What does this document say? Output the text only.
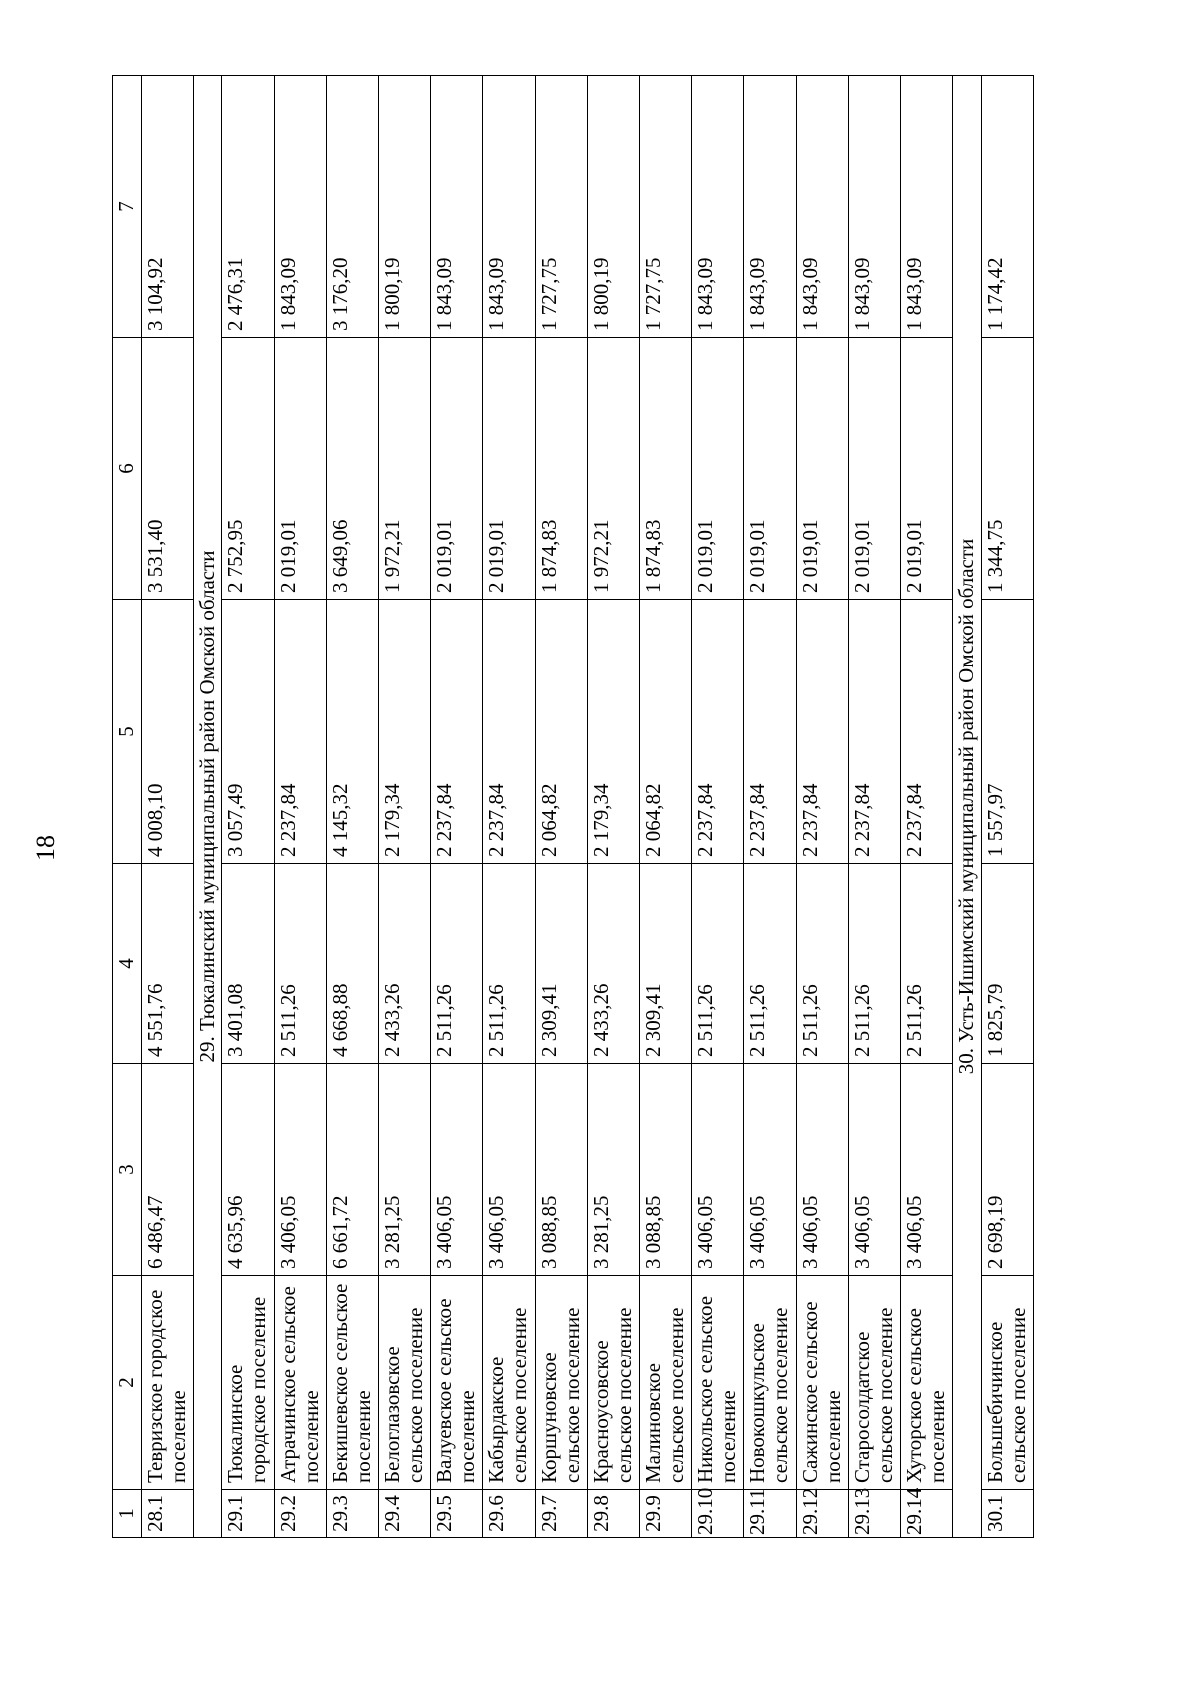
18
1	2	3	4	5	6	7
28.1	Тевризское городское поселение	6 486,47	4 551,76	4 008,10	3 531,40	3 104,92
29. Тюкалинский муниципальный район Омской области						
29.1	Тюкалинское городское поселение	4 635,96	3 401,08	3 057,49	2 752,95	2 476,31
29.2	Атрачинское сельское поселение	3 406,05	2 511,26	2 237,84	2 019,01	1 843,09
29.3	Бекишевское сельское поселение	6 661,72	4 668,88	4 145,32	3 649,06	3 176,20
29.4	Белоглазовское сельское поселение	3 281,25	2 433,26	2 179,34	1 972,21	1 800,19
29.5	Валуевское сельское поселение	3 406,05	2 511,26	2 237,84	2 019,01	1 843,09
29.6	Кабырдакское сельское поселение	3 406,05	2 511,26	2 237,84	2 019,01	1 843,09
29.7	Коршуновское сельское поселение	3 088,85	2 309,41	2 064,82	1 874,83	1 727,75
29.8	Красноусовское сельское поселение	3 281,25	2 433,26	2 179,34	1 972,21	1 800,19
29.9	Малиновское сельское поселение	3 088,85	2 309,41	2 064,82	1 874,83	1 727,75
29.10	Никольское сельское поселение	3 406,05	2 511,26	2 237,84	2 019,01	1 843,09
29.11	Новокошкульское сельское поселение	3 406,05	2 511,26	2 237,84	2 019,01	1 843,09
29.12	Сажинское сельское поселение	3 406,05	2 511,26	2 237,84	2 019,01	1 843,09
29.13	Старосолдатское сельское поселение	3 406,05	2 511,26	2 237,84	2 019,01	1 843,09
29.14	Хуторское сельское поселение	3 406,05	2 511,26	2 237,84	2 019,01	1 843,09
30. Усть-Ишимский муниципальный район Омской области						
30.1	Большебичинское сельское поселение	2 698,19	1 825,79	1 557,97	1 344,75	1 174,42
